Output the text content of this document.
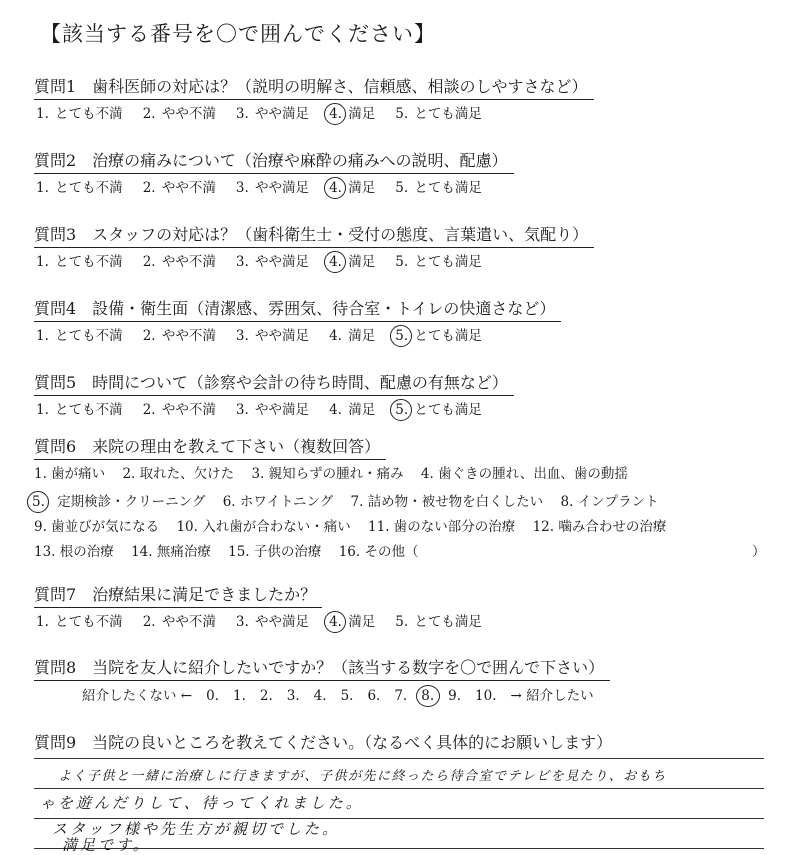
【該当する番号を〇で囲んでください】
質問1　歯科医師の対応は？（説明の明解さ、信頼感、相談のしやすさなど）
1. とても不満 2. やや不満 3. やや満足 4. 満足 5. とても満足
質問2　治療の痛みについて（治療や麻酔の痛みへの説明、配慮）
1. とても不満 2. やや不満 3. やや満足 4. 満足 5. とても満足
質問3　スタッフの対応は？（歯科衛生士・受付の態度、言葉遣い、気配り）
1. とても不満 2. やや不満 3. やや満足 4. 満足 5. とても満足
質問4　設備・衛生面（清潔感、雰囲気、待合室・トイレの快適さなど）
1. とても不満 2. やや不満 3. やや満足 4. 満足 5. とても満足
質問5　時間について（診察や会計の待ち時間、配慮の有無など）
1. とても不満 2. やや不満 3. やや満足 4. 満足 5. とても満足
質問6　来院の理由を教えて下さい（複数回答）
1. 歯が痛い 2. 取れた、欠けた 3. 親知らずの腫れ・痛み 4. 歯ぐきの腫れ、出血、歯の動揺
5. 定期検診・クリーニング 6. ホワイトニング 7. 詰め物・被せ物を白くしたい 8. インプラント
9. 歯並びが気になる 10. 入れ歯が合わない・痛い 11. 歯のない部分の治療 12. 噛み合わせの治療
13. 根の治療 14. 無痛治療 15. 子供の治療 16. その他（	）
質問7　治療結果に満足できましたか？
1. とても不満 2. やや不満 3. やや満足 4. 満足 5. とても満足
質問8　当院を友人に紹介したいですか？（該当する数字を〇で囲んで下さい）
紹介したくない ← 0. 1. 2. 3. 4. 5. 6. 7. 8. 9. 10. → 紹介したい
質問9　当院の良いところを教えてください。（なるべく具体的にお願いします）
よく子供と一緒に治療しに行きますが、子供が先に終ったら待合室でテレビを見たり、おもち
ゃを遊んだりして、待ってくれました。
スタッフ様や先生方が親切でした。
満足です。
